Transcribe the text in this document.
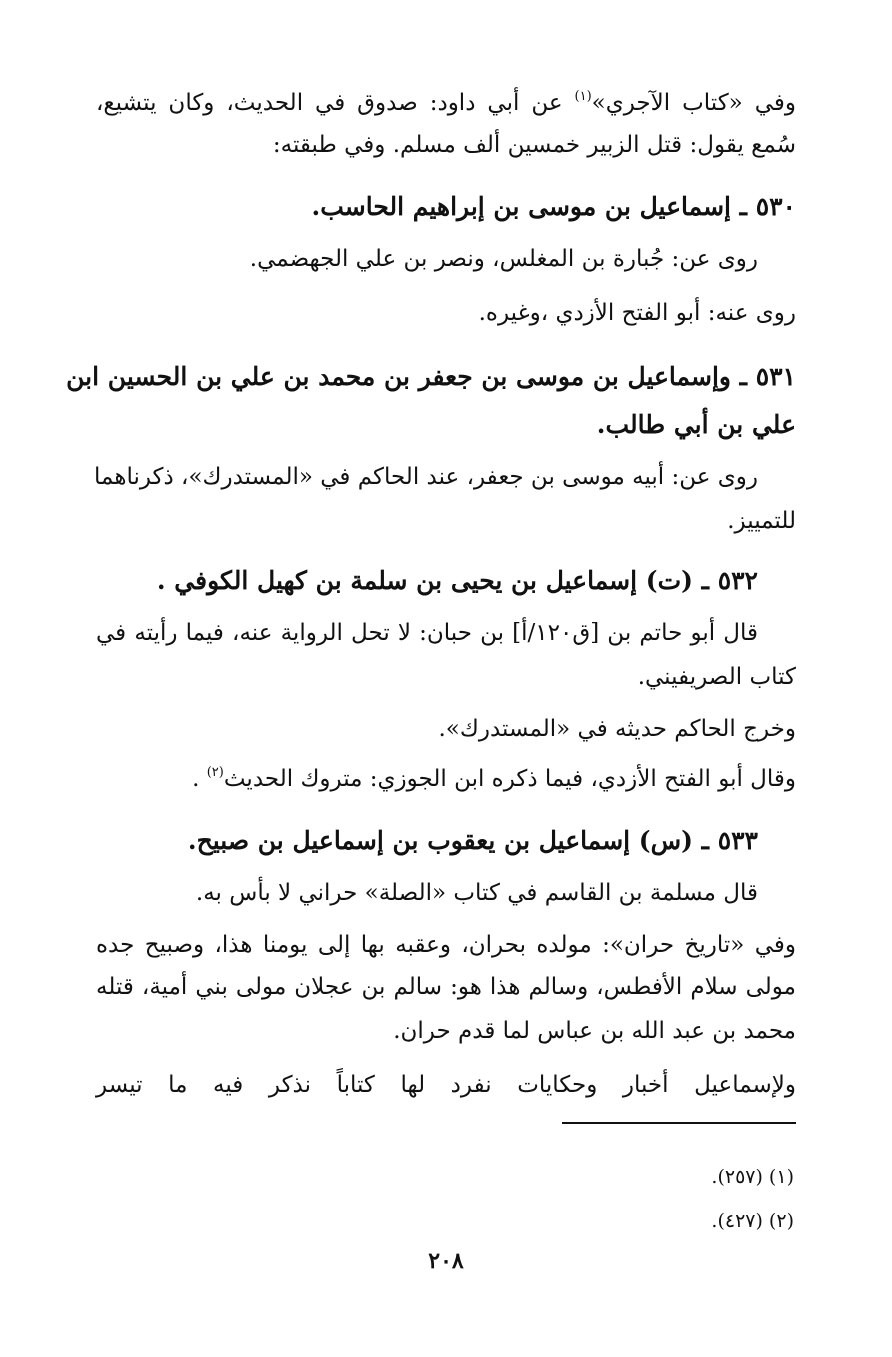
وفي «كتاب الآجري»$^{(١)}$ عن أبي داود: صدوق في الحديث، وكان يتشيع،

سُمع يقول: قتل الزبير خمسين ألف مسلم. وفي طبقته:

٥٣٠ ـ إسماعيل بن موسى بن إبراهيم الحاسب.

روى عن: جُبارة بن المغلس، ونصر بن علي الجهضمي.

روى عنه: أبو الفتح الأزدي ،وغيره.

٥٣١ ـ وإسماعيل بن موسى بن جعفر بن محمد بن علي بن الحسين ابن

علي بن أبي طالب.

روى عن: أبيه موسى بن جعفر، عند الحاكم في «المستدرك»، ذكرناهما

للتمييز.

٥٣٢ ـ (ت) إسماعيل بن يحيى بن سلمة بن كهيل الكوفي .

قال أبو حاتم بن [ق١٢٠/أ] بن حبان: لا تحل الرواية عنه، فيما رأيته في

كتاب الصريفيني.

وخرج الحاكم حديثه في «المستدرك».

وقال أبو الفتح الأزدي، فيما ذكره ابن الجوزي: متروك الحديث$^{(٢)}$ .

٥٣٣ ـ (س) إسماعيل بن يعقوب بن إسماعيل بن صبيح.

قال مسلمة بن القاسم في كتاب «الصلة» حراني لا بأس به.

وفي «تاريخ حران»: مولده بحران، وعقبه بها إلى يومنا هذا، وصبيح جده

مولى سلام الأفطس، وسالم هذا هو: سالم بن عجلان مولى بني أمية، قتله

محمد بن عبد الله بن عباس لما قدم حران.

ولإسماعيل أخبار وحكايات نفرد لها كتاباً نذكر فيه ما تيسر

(١) (٢٥٧).

(٢) (٤٢٧).

٢٠٨
